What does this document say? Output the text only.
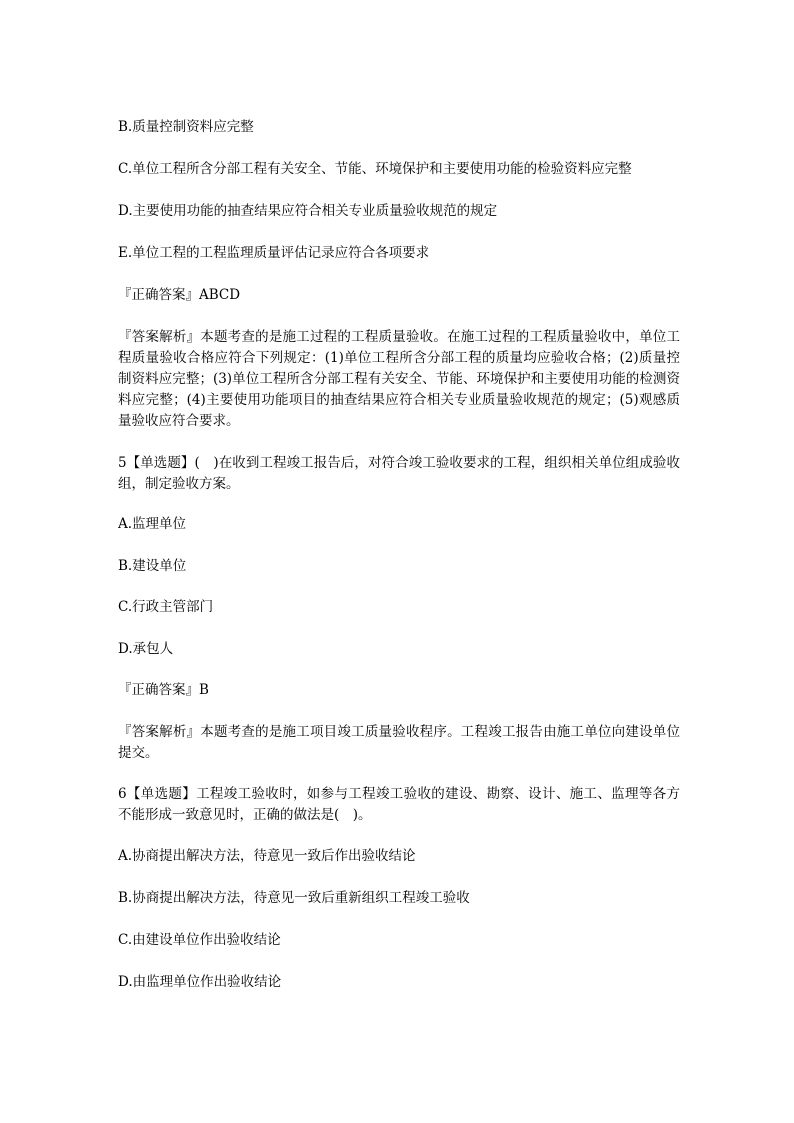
B.质量控制资料应完整
C.单位工程所含分部工程有关安全、节能、环境保护和主要使用功能的检验资料应完整
D.主要使用功能的抽查结果应符合相关专业质量验收规范的规定
E.单位工程的工程监理质量评估记录应符合各项要求
『正确答案』ABCD
『答案解析』本题考查的是施工过程的工程质量验收。在施工过程的工程质量验收中，单位工程质量验收合格应符合下列规定：(1)单位工程所含分部工程的质量均应验收合格；(2)质量控制资料应完整；(3)单位工程所含分部工程有关安全、节能、环境保护和主要使用功能的检测资料应完整；(4)主要使用功能项目的抽查结果应符合相关专业质量验收规范的规定；(5)观感质量验收应符合要求。
5【单选题】(　)在收到工程竣工报告后，对符合竣工验收要求的工程，组织相关单位组成验收组，制定验收方案。
A.监理单位
B.建设单位
C.行政主管部门
D.承包人
『正确答案』B
『答案解析』本题考查的是施工项目竣工质量验收程序。工程竣工报告由施工单位向建设单位提交。
6【单选题】工程竣工验收时，如参与工程竣工验收的建设、勘察、设计、施工、监理等各方不能形成一致意见时，正确的做法是(　)。
A.协商提出解决方法，待意见一致后作出验收结论
B.协商提出解决方法，待意见一致后重新组织工程竣工验收
C.由建设单位作出验收结论
D.由监理单位作出验收结论
